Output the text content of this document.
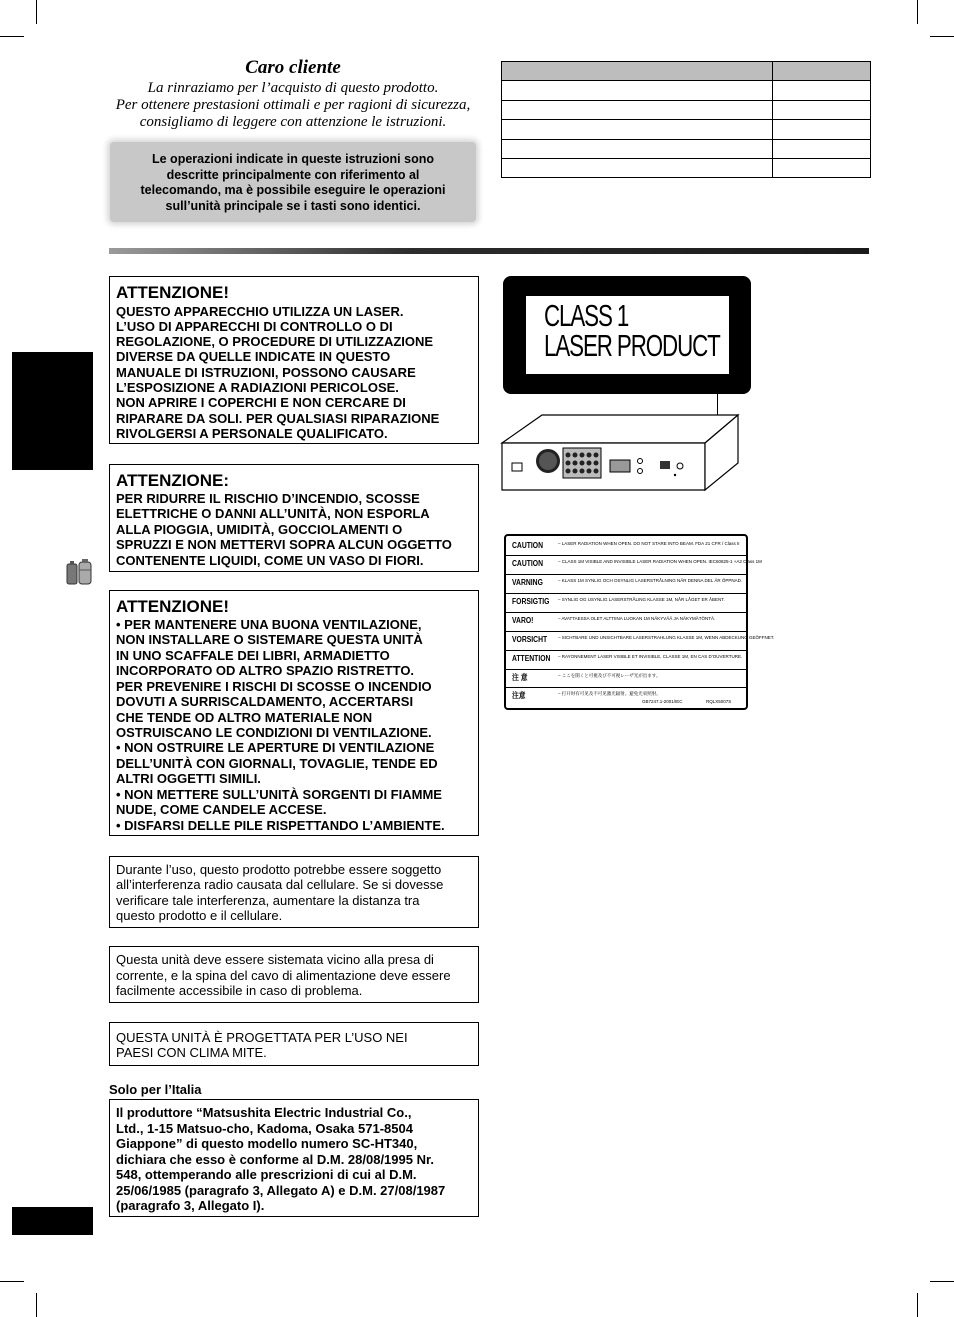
Caro cliente
La rinraziamo per l’acquisto di questo prodotto.
Per ottenere prestasioni ottimali e per ragioni di sicurezza,
consigliamo di leggere con attenzione le istruzioni.
Le operazioni indicate in queste istruzioni sono
descritte principalmente con riferimento al
telecomando, ma è possibile eseguire le operazioni
sull’unità principale se i tasti sono identici.
ATTENZIONE!
QUESTO APPARECCHIO UTILIZZA UN LASER.
L’USO DI APPARECCHI DI CONTROLLO O DI
REGOLAZIONE, O PROCEDURE DI UTILIZZAZIONE
DIVERSE DA QUELLE INDICATE IN QUESTO
MANUALE DI ISTRUZIONI, POSSONO CAUSARE
L’ESPOSIZIONE A RADIAZIONI PERICOLOSE.
NON APRIRE I COPERCHI E NON CERCARE DI
RIPARARE DA SOLI. PER QUALSIASI RIPARAZIONE
RIVOLGERSI A PERSONALE QUALIFICATO.
ATTENZIONE:
PER RIDURRE IL RISCHIO D’INCENDIO, SCOSSE
ELETTRICHE O DANNI ALL’UNITÀ, NON ESPORLA
ALLA PIOGGIA, UMIDITÀ, GOCCIOLAMENTI O
SPRUZZI E NON METTERVI SOPRA ALCUN OGGETTO
CONTENENTE LIQUIDI, COME UN VASO DI FIORI.
ATTENZIONE!
• PER MANTENERE UNA BUONA VENTILAZIONE,
NON INSTALLARE O SISTEMARE QUESTA UNITÀ
IN UNO SCAFFALE DEI LIBRI, ARMADIETTO
INCORPORATO OD ALTRO SPAZIO RISTRETTO.
PER PREVENIRE I RISCHI DI SCOSSE O INCENDIO
DOVUTI A SURRISCALDAMENTO, ACCERTARSI
CHE TENDE OD ALTRO MATERIALE NON
OSTRUISCANO LE CONDIZIONI DI VENTILAZIONE.
• NON OSTRUIRE LE APERTURE DI VENTILAZIONE
DELL’UNITÀ CON GIORNALI, TOVAGLIE, TENDE ED
ALTRI OGGETTI SIMILI.
• NON METTERE SULL’UNITÀ SORGENTI DI FIAMME
NUDE, COME CANDELE ACCESE.
• DISFARSI DELLE PILE RISPETTANDO L’AMBIENTE.
Durante l’uso, questo prodotto potrebbe essere soggetto
all’interferenza radio causata dal cellulare. Se si dovesse
verificare tale interferenza, aumentare la distanza tra
questo prodotto e il cellulare.
Questa unità deve essere sistemata vicino alla presa di
corrente, e la spina del cavo di alimentazione deve essere
facilmente accessibile in caso di problema.
QUESTA UNITÀ È PROGETTATA PER L’USO NEI
PAESI CON CLIMA MITE.
Solo per l’Italia
Il produttore “Matsushita Electric Industrial Co.,
Ltd., 1-15 Matsuo-cho, Kadoma, Osaka 571-8504
Giappone” di questo modello numero SC-HT340,
dichiara che esso è conforme al D.M. 28/08/1995 Nr.
548, ottemperando alle prescrizioni di cui al D.M.
25/06/1985 (paragrafo 3, Allegato A) e D.M. 27/08/1987
(paragrafo 3, Allegato I).
CLASS 1
LASER PRODUCT
CAUTION	– LASER RADIATION WHEN OPEN. DO NOT STARE INTO BEAM. FDA 21 CFR / Class II
CAUTION	– CLASS 1M VISIBLE AND INVISIBLE LASER RADIATION WHEN OPEN. IEC60825-1 +A2 Class 1M
VARNING	– KLASS 1M SYNLIG OCH OSYNLIG LASERSTRÅLNING NÄR DENNA DEL ÄR ÖPPNAD.
FORSIGTIG – SYNLIG OG USYNLIG LASERSTRÅLING KLASSE 1M, NÅR LÅGET ER ÅBENT.
VARO!	– AVATTAESSA OLET ALTTIINA LUOKAN 1M NÄKYVÄÄ JA NÄKYMÄTÖNTÄ.
VORSICHT – SICHTBARE UND UNSICHTBARE LASERSTRAHLUNG KLASSE 1M, WENN ABDECKUNG GEÖFFNET.
ATTENTION – RAYONNEMENT LASER VISIBLE ET INVISIBLE, CLASSE 1M, EN CAS D’OUVERTURE.
注 意	– ここを開くと可視及び不可視レーザ光が出ます。
注意	– 打开时有可见及不可见激光辐射。避免光束照射。
GB7247.1-2001/IEC	RQLX5007S
